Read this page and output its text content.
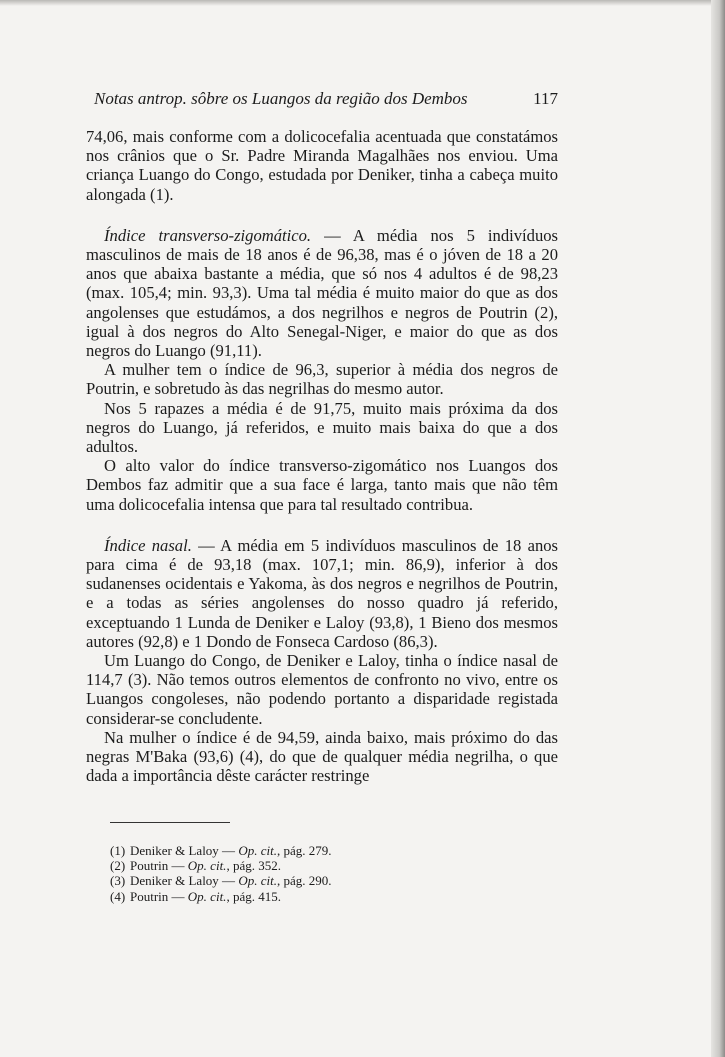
Notas antrop. sôbre os Luangos da região dos Dembos	117

74,06, mais conforme com a dolicocefalia acentuada que constatámos nos crânios que o Sr. Padre Miranda Magalhães nos enviou. Uma criança Luango do Congo, estudada por Deniker, tinha a cabeça muito alongada (1).

Índice transverso-zigomático. — A média nos 5 indivíduos masculinos de mais de 18 anos é de 96,38, mas é o jóven de 18 a 20 anos que abaixa bastante a média, que só nos 4 adultos é de 98,23 (max. 105,4; min. 93,3). Uma tal média é muito maior do que as dos angolenses que estudámos, a dos negrilhos e negros de Poutrin (2), igual à dos negros do Alto Senegal-Niger, e maior do que as dos negros do Luango (91,11).

A mulher tem o índice de 96,3, superior à média dos negros de Poutrin, e sobretudo às das negrilhas do mesmo autor.

Nos 5 rapazes a média é de 91,75, muito mais próxima da dos negros do Luango, já referidos, e muito mais baixa do que a dos adultos.

O alto valor do índice transverso-zigomático nos Luangos dos Dembos faz admitir que a sua face é larga, tanto mais que não têm uma dolicocefalia intensa que para tal resultado contribua.

Índice nasal. — A média em 5 indivíduos masculinos de 18 anos para cima é de 93,18 (max. 107,1; min. 86,9), inferior à dos sudanenses ocidentais e Yakoma, às dos negros e negrilhos de Poutrin, e a todas as séries angolenses do nosso quadro já referido, exceptuando 1 Lunda de Deniker e Laloy (93,8), 1 Bieno dos mesmos autores (92,8) e 1 Dondo de Fonseca Cardoso (86,3).

Um Luango do Congo, de Deniker e Laloy, tinha o índice nasal de 114,7 (3). Não temos outros elementos de confronto no vivo, entre os Luangos congoleses, não podendo portanto a disparidade registada considerar-se concludente.

Na mulher o índice é de 94,59, ainda baixo, mais próximo do das negras M'Baka (93,6) (4), do que de qualquer média negrilha, o que dada a importância dêste carácter restringe

(1) Deniker & Laloy — Op. cit., pág. 279.
(2) Poutrin — Op. cit., pág. 352.
(3) Deniker & Laloy — Op. cit., pág. 290.
(4) Poutrin — Op. cit., pág. 415.
